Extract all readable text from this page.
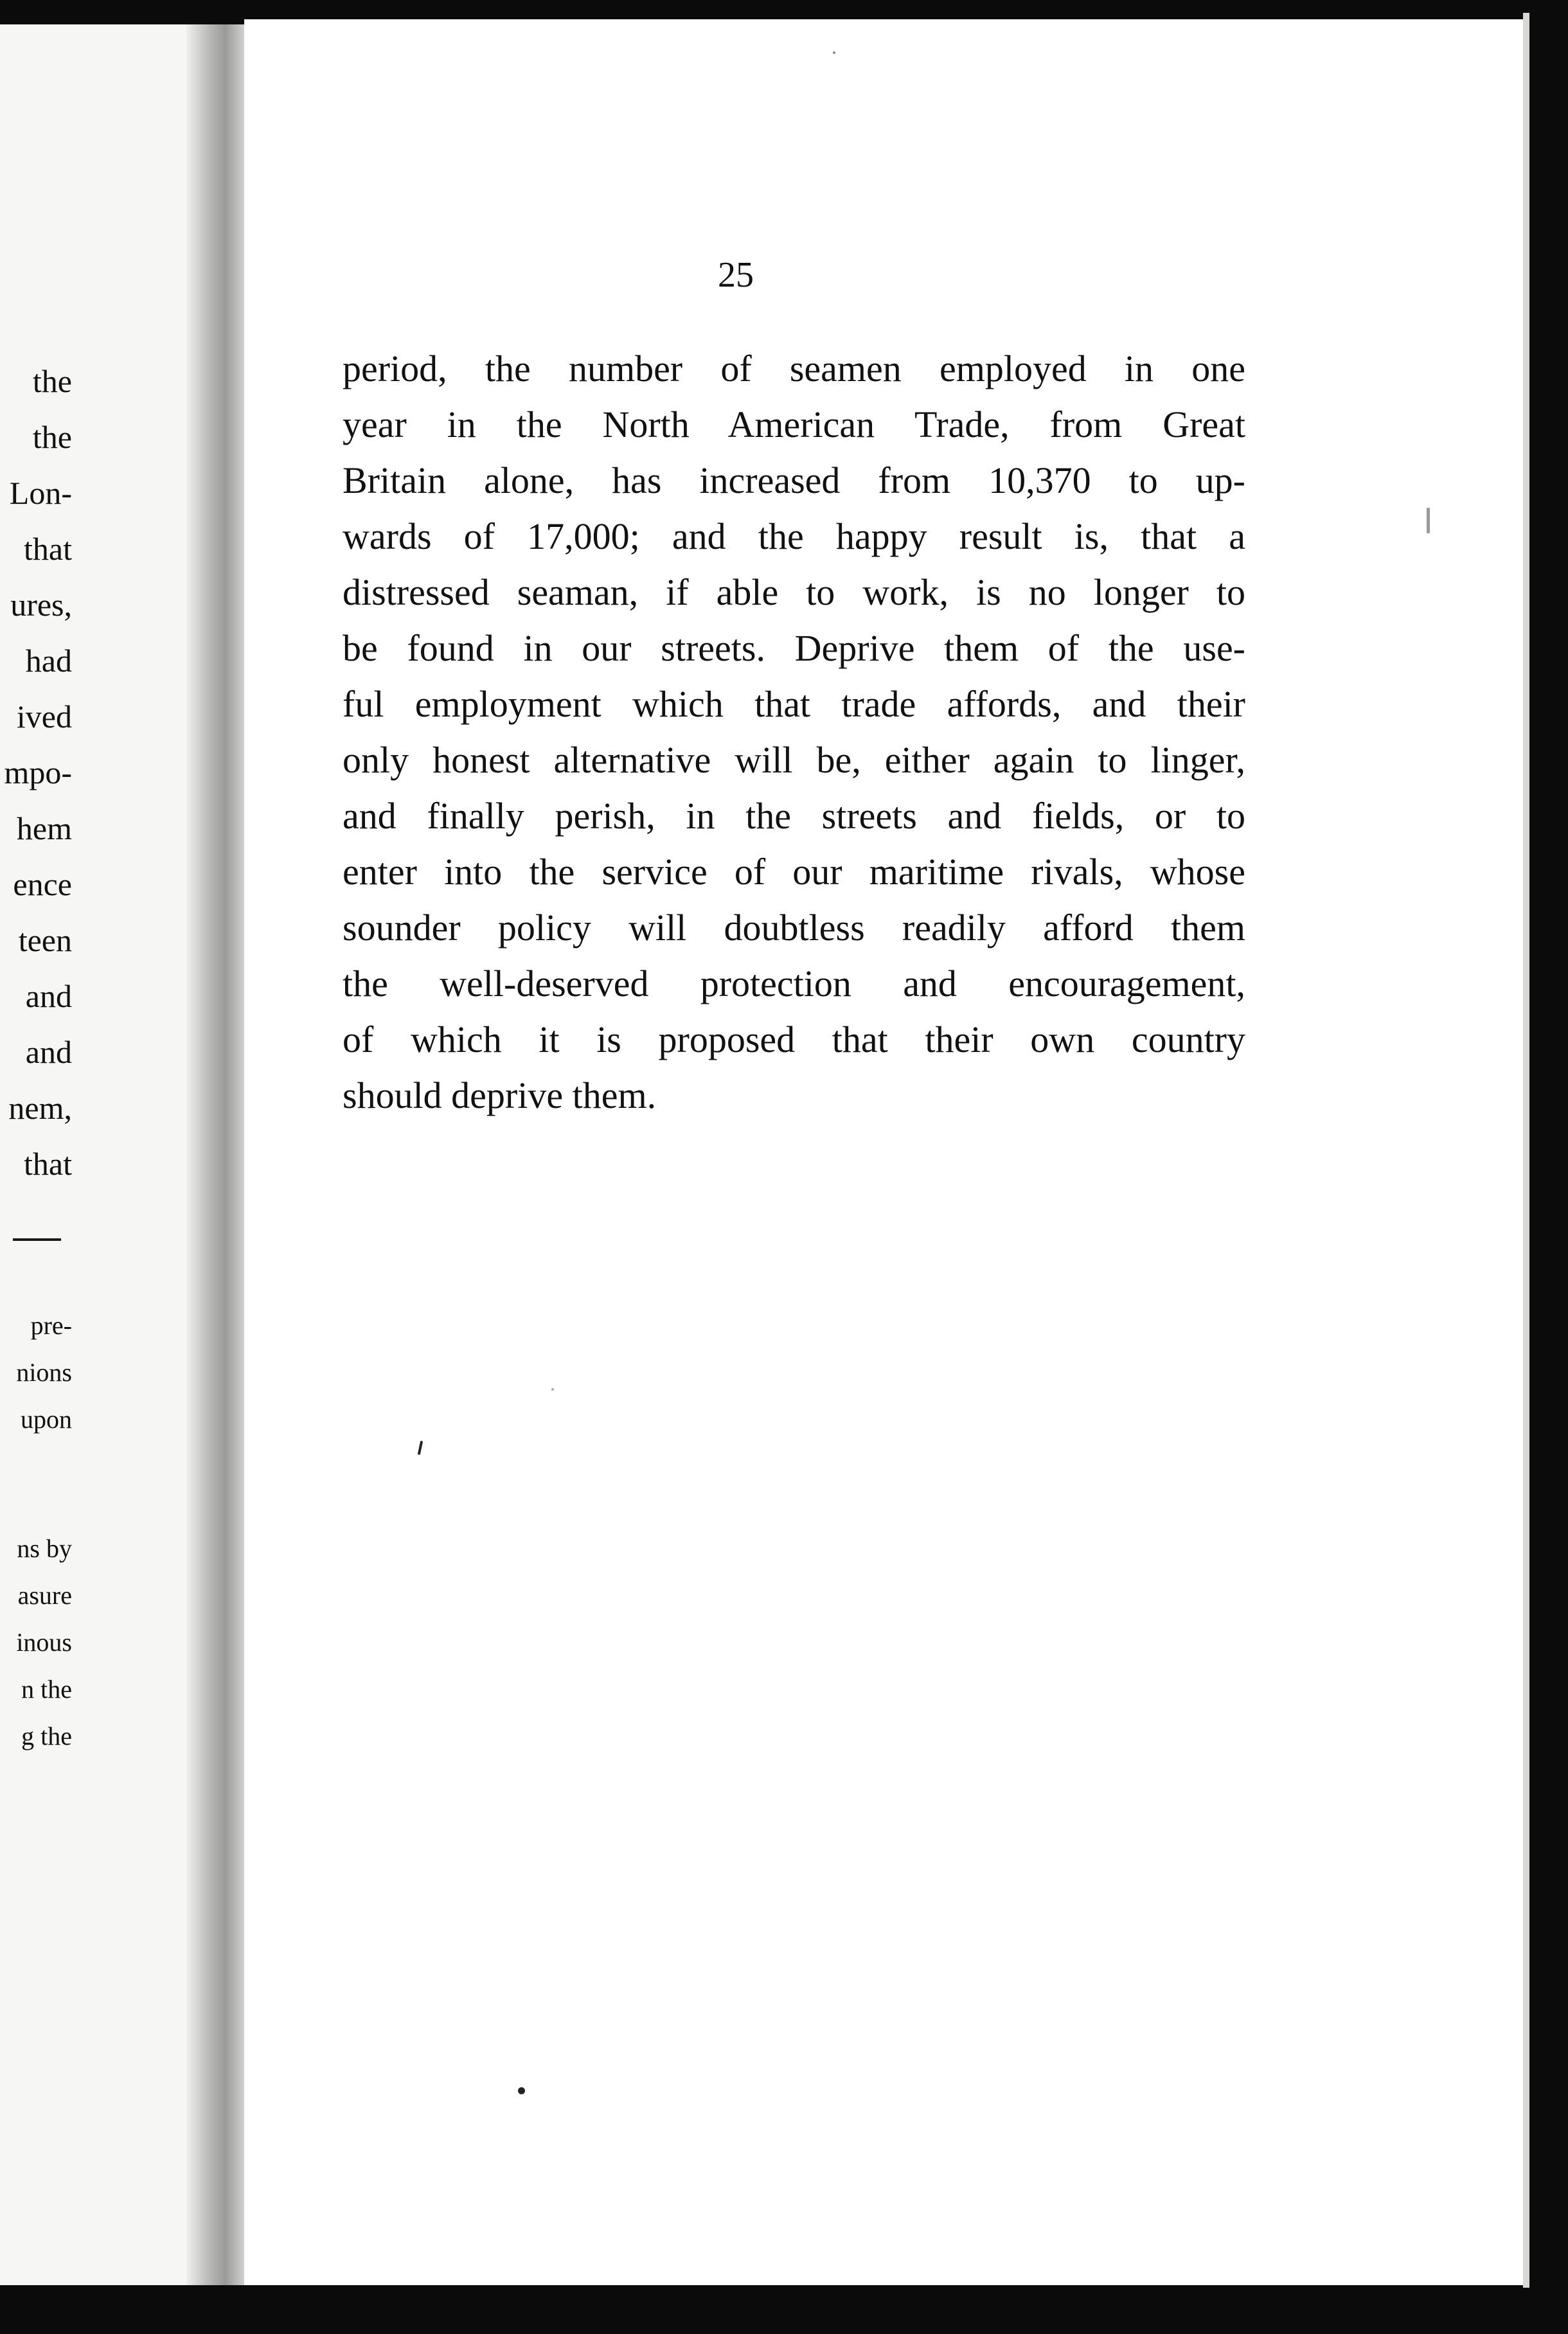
the
the
Lon-
that
ures,
had
ived
mpo-
hem
ence
teen
and
and
nem,
that
pre-
nions
upon
ns by
asure
inous
n the
g the
25
period, the number of seamen employed in one
year in the North American Trade, from Great
Britain alone, has increased from 10,370 to up-
wards of 17,000; and the happy result is, that a
distressed seaman, if able to work, is no longer to
be found in our streets. Deprive them of the use-
ful employment which that trade affords, and their
only honest alternative will be, either again to linger,
and finally perish, in the streets and fields, or to
enter into the service of our maritime rivals, whose
sounder policy will doubtless readily afford them
the well-deserved protection and encouragement,
of which it is proposed that their own country
should deprive them.
